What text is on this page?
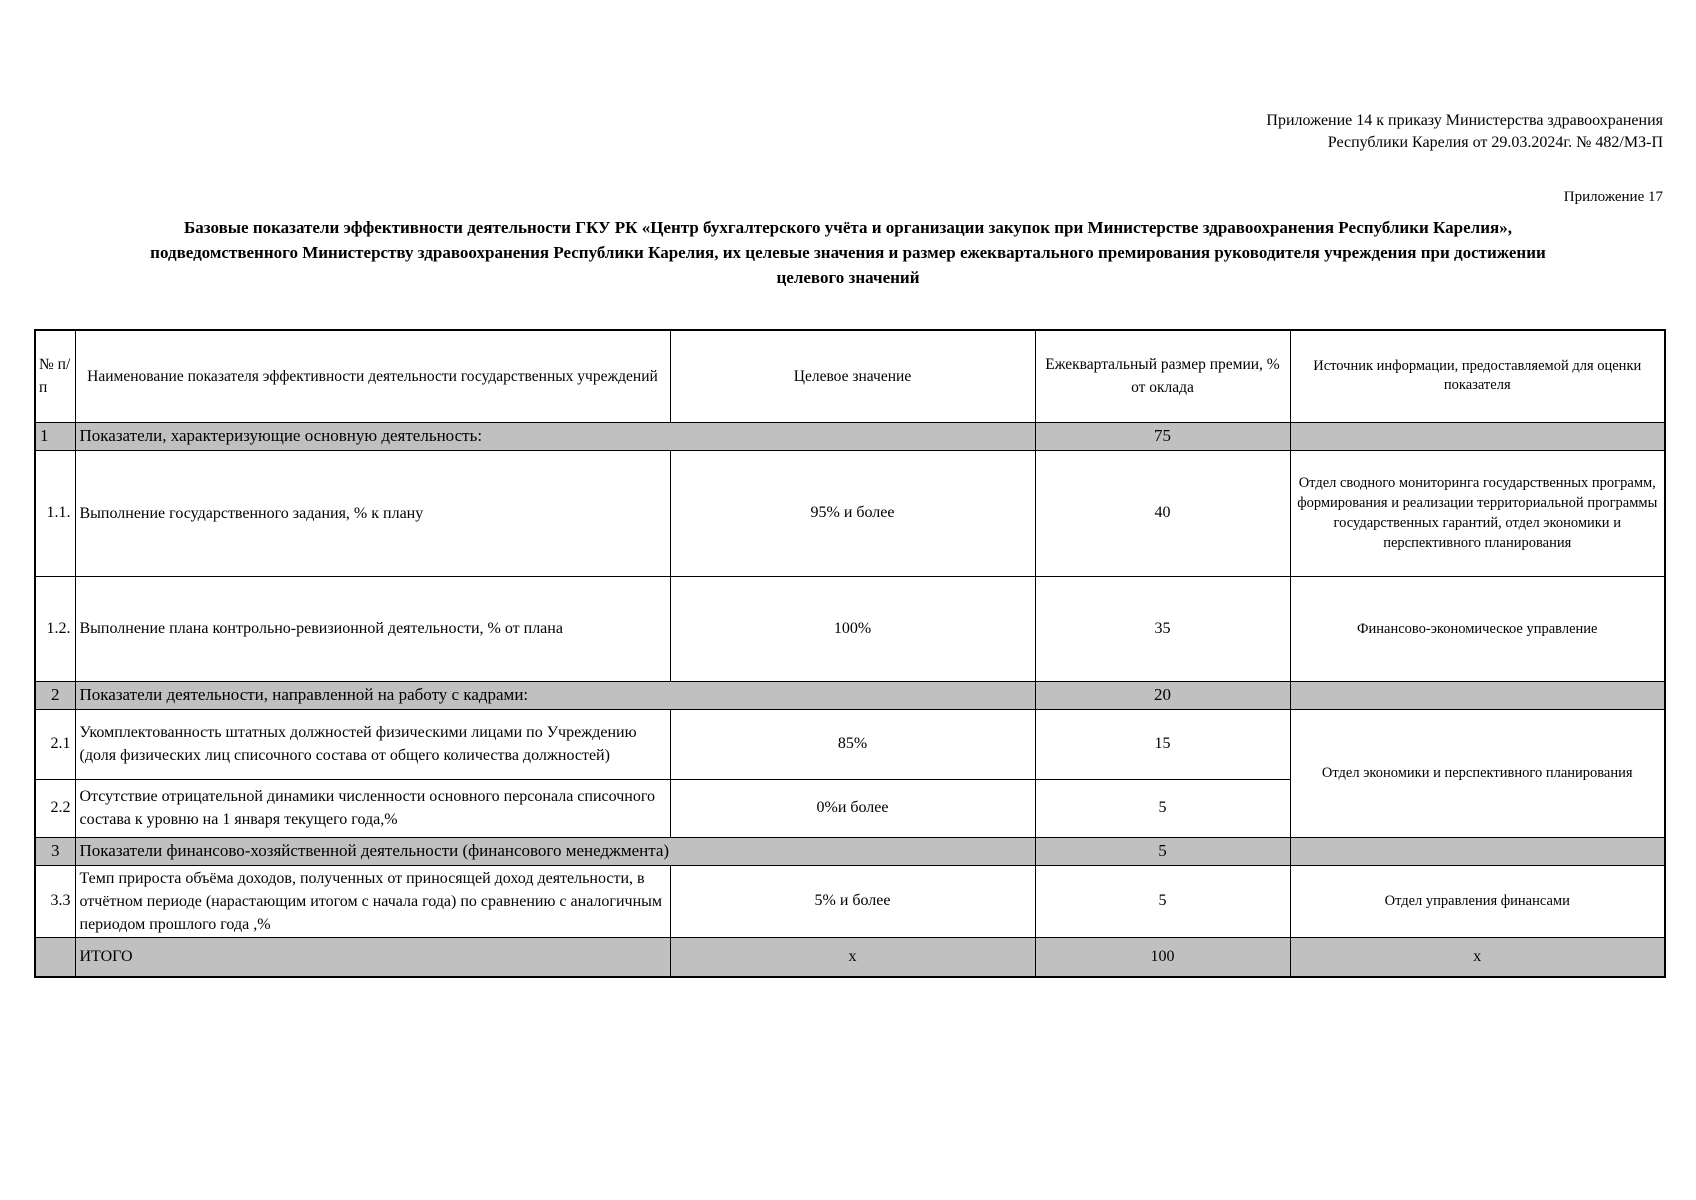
Приложение 14 к приказу Министерства здравоохранения
Республики Карелия от 29.03.2024г. № 482/МЗ-П
Приложение 17
Базовые показатели эффективности деятельности ГКУ РК «Центр бухгалтерского учёта и организации закупок при Министерстве здравоохранения Республики Карелия»,
подведомственного Министерству здравоохранения Республики Карелия, их целевые значения и размер ежеквартального премирования руководителя учреждения при достижении
целевого значений
№ п/п	Наименование показателя эффективности деятельности государственных учреждений	Целевое значение	Ежеквартальный размер премии, % от оклада	Источник информации, предоставляемой для оценки показателя
1	Показатели, характеризующие основную деятельность:		75	
1.1.	Выполнение государственного задания, % к плану	95% и более	40	Отдел сводного мониторинга государственных программ, формирования и реализации территориальной программы государственных гарантий, отдел экономики и перспективного планирования
1.2.	Выполнение плана контрольно-ревизионной деятельности, % от плана	100%	35	Финансово-экономическое управление
2	Показатели деятельности, направленной на работу с кадрами:		20	
2.1	Укомплектованность штатных должностей физическими лицами по Учреждению (доля физических лиц списочного состава от общего количества должностей)	85%	15	Отдел экономики и перспективного планирования
2.2	Отсутствие отрицательной динамики численности основного персонала списочного состава к уровню на 1 января текущего года,%	0%и более	5	
3	Показатели финансово-хозяйственной деятельности (финансового менеджмента)		5	
3.3	Темп прироста объёма доходов, полученных от приносящей доход деятельности, в отчётном периоде (нарастающим итогом с начала года) по сравнению с аналогичным периодом прошлого года ,%	5% и более	5	Отдел управления финансами
	ИТОГО	х	100	х
